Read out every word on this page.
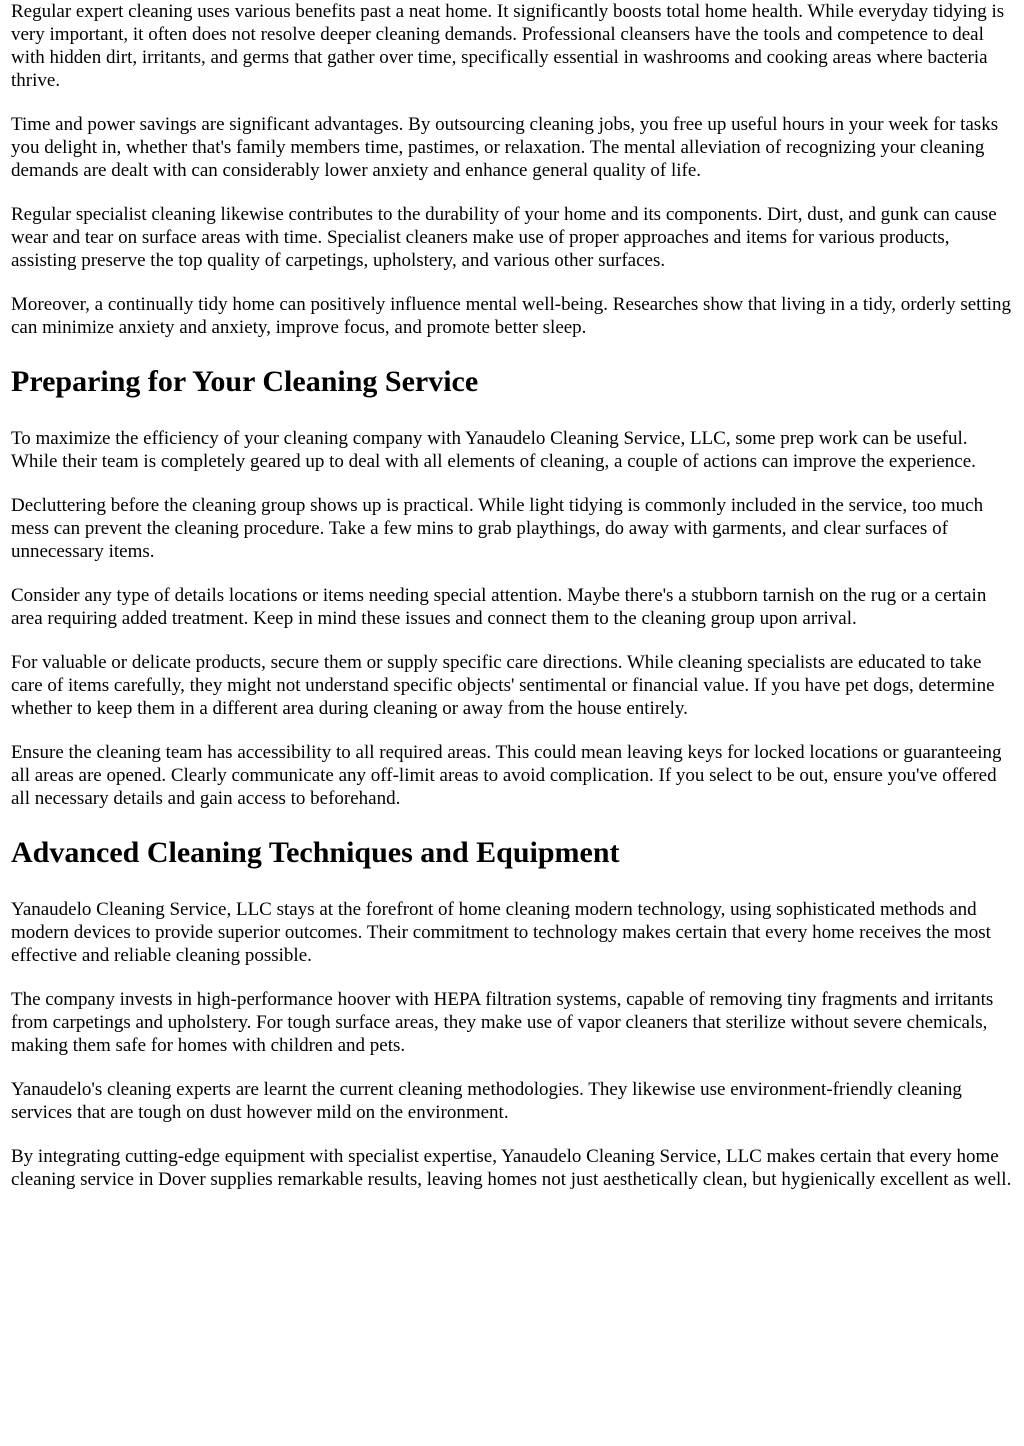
Regular expert cleaning uses various benefits past a neat home. It significantly boosts total home health. While everyday tidying is very important, it often does not resolve deeper cleaning demands. Professional cleansers have the tools and competence to deal with hidden dirt, irritants, and germs that gather over time, specifically essential in washrooms and cooking areas where bacteria thrive.

Time and power savings are significant advantages. By outsourcing cleaning jobs, you free up useful hours in your week for tasks you delight in, whether that's family members time, pastimes, or relaxation. The mental alleviation of recognizing your cleaning demands are dealt with can considerably lower anxiety and enhance general quality of life.

Regular specialist cleaning likewise contributes to the durability of your home and its components. Dirt, dust, and gunk can cause wear and tear on surface areas with time. Specialist cleaners make use of proper approaches and items for various products, assisting preserve the top quality of carpetings, upholstery, and various other surfaces.

Moreover, a continually tidy home can positively influence mental well-being. Researches show that living in a tidy, orderly setting can minimize anxiety and anxiety, improve focus, and promote better sleep.

Preparing for Your Cleaning Service

To maximize the efficiency of your cleaning company with Yanaudelo Cleaning Service, LLC, some prep work can be useful. While their team is completely geared up to deal with all elements of cleaning, a couple of actions can improve the experience.

Decluttering before the cleaning group shows up is practical. While light tidying is commonly included in the service, too much mess can prevent the cleaning procedure. Take a few mins to grab playthings, do away with garments, and clear surfaces of unnecessary items.

Consider any type of details locations or items needing special attention. Maybe there's a stubborn tarnish on the rug or a certain area requiring added treatment. Keep in mind these issues and connect them to the cleaning group upon arrival.

For valuable or delicate products, secure them or supply specific care directions. While cleaning specialists are educated to take care of items carefully, they might not understand specific objects' sentimental or financial value. If you have pet dogs, determine whether to keep them in a different area during cleaning or away from the house entirely.

Ensure the cleaning team has accessibility to all required areas. This could mean leaving keys for locked locations or guaranteeing all areas are opened. Clearly communicate any off-limit areas to avoid complication. If you select to be out, ensure you've offered all necessary details and gain access to beforehand.

Advanced Cleaning Techniques and Equipment

Yanaudelo Cleaning Service, LLC stays at the forefront of home cleaning modern technology, using sophisticated methods and modern devices to provide superior outcomes. Their commitment to technology makes certain that every home receives the most effective and reliable cleaning possible.

The company invests in high-performance hoover with HEPA filtration systems, capable of removing tiny fragments and irritants from carpetings and upholstery. For tough surface areas, they make use of vapor cleaners that sterilize without severe chemicals, making them safe for homes with children and pets.

Yanaudelo's cleaning experts are learnt the current cleaning methodologies. They likewise use environment-friendly cleaning services that are tough on dust however mild on the environment.

By integrating cutting-edge equipment with specialist expertise, Yanaudelo Cleaning Service, LLC makes certain that every home cleaning service in Dover supplies remarkable results, leaving homes not just aesthetically clean, but hygienically excellent as well.
